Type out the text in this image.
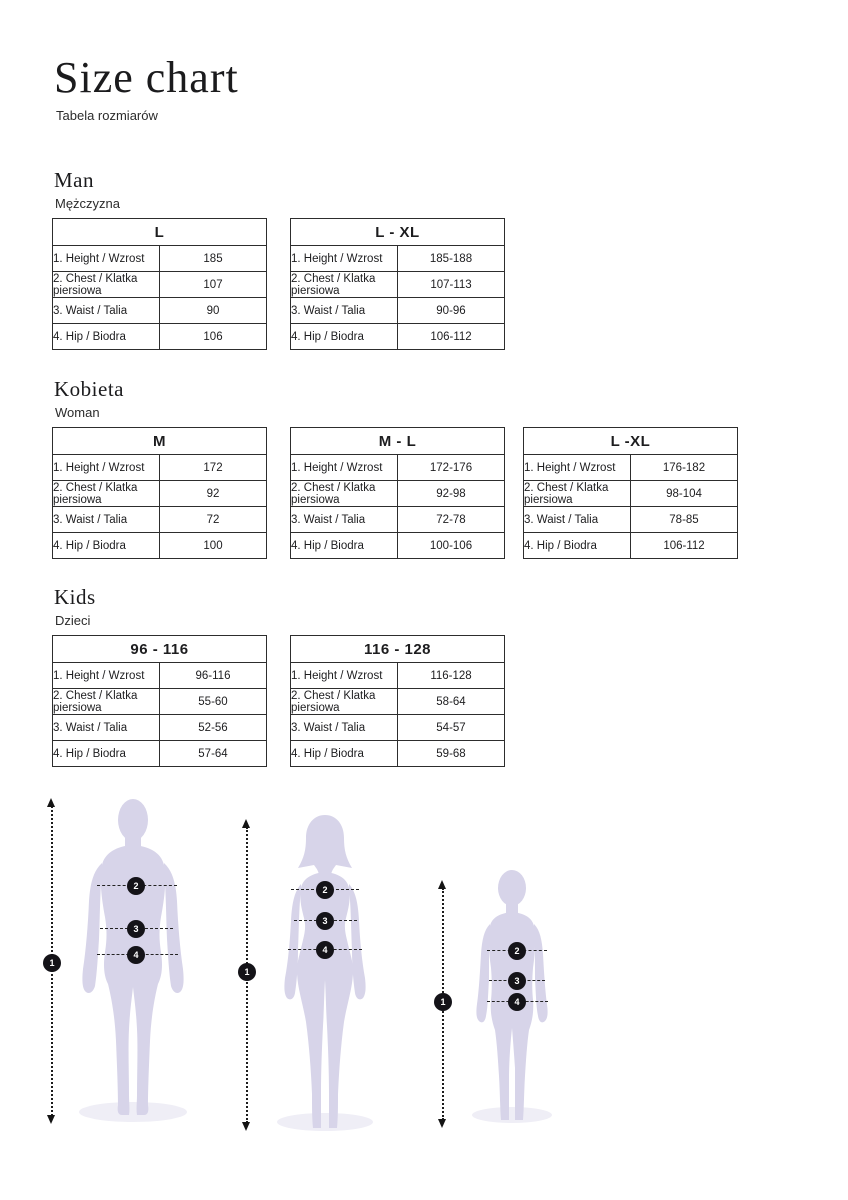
Size chart
Tabela rozmiarów
Man
Mężczyzna
L	
1. Height / Wzrost	185
2. Chest / Klatka piersiowa	107
3. Waist / Talia	90
4. Hip / Biodra	106
L - XL	
1. Height / Wzrost	185-188
2. Chest / Klatka piersiowa	107-113
3. Waist / Talia	90-96
4. Hip / Biodra	106-112
Kobieta
Woman
M	
1. Height / Wzrost	172
2. Chest / Klatka piersiowa	92
3. Waist / Talia	72
4. Hip / Biodra	100
M - L	
1. Height / Wzrost	172-176
2. Chest / Klatka piersiowa	92-98
3. Waist / Talia	72-78
4. Hip / Biodra	100-106
L -XL	
1. Height / Wzrost	176-182
2. Chest / Klatka piersiowa	98-104
3. Waist / Talia	78-85
4. Hip / Biodra	106-112
Kids
Dzieci
96 - 116	
1. Height / Wzrost	96-116
2. Chest / Klatka piersiowa	55-60
3. Waist / Talia	52-56
4. Hip / Biodra	57-64
116 - 128	
1. Height / Wzrost	116-128
2. Chest / Klatka piersiowa	58-64
3. Waist / Talia	54-57
4. Hip / Biodra	59-68
1
2
3
4
1
2
3
4
1
2
3
4
